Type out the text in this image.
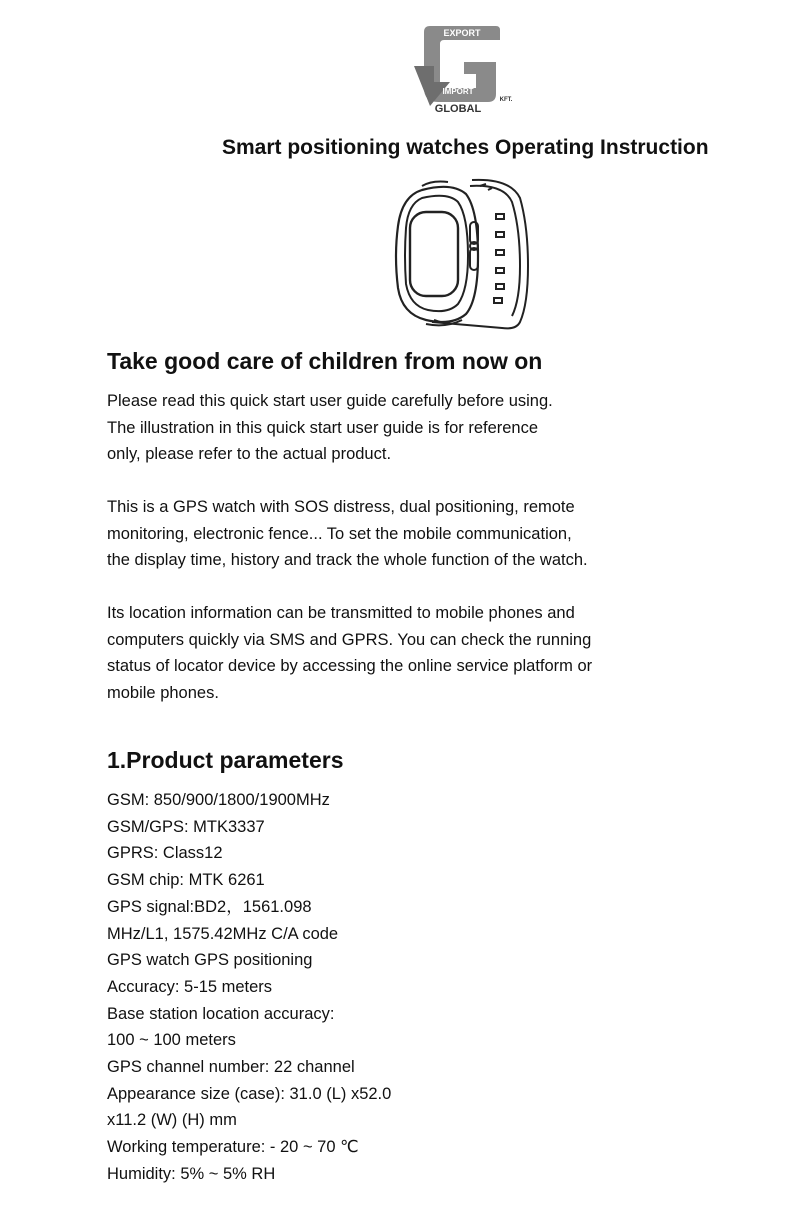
EXPORT
IMPORT
GLOBAL
KFT.
Smart positioning watches Operating Instruction
Take good care of children from now on

Please read this quick start user guide carefully before using.
The illustration in this quick start user guide is for reference
only, please refer to the actual product.

This is a GPS watch with SOS distress, dual positioning, remote
monitoring, electronic fence... To set the mobile communication,
the display time, history and track the whole function of the watch.

Its location information can be transmitted to mobile phones and
computers quickly via SMS and GPRS. You can check the running
status of locator device by accessing the online service platform or
mobile phones.

1.Product parameters
GSM: 850/900/1800/1900MHz
GSM/GPS: MTK3337
GPRS: Class12
GSM chip: MTK 6261
GPS signal:BD2，1561.098
MHz/L1, 1575.42MHz C/A code
GPS watch GPS positioning
Accuracy: 5-15 meters
Base station location accuracy:
100 ~ 100 meters
GPS channel number: 22 channel
Appearance size (case): 31.0 (L) x52.0
x11.2 (W) (H) mm
Working temperature: - 20 ~ 70 ℃
Humidity: 5% ~ 5% RH
